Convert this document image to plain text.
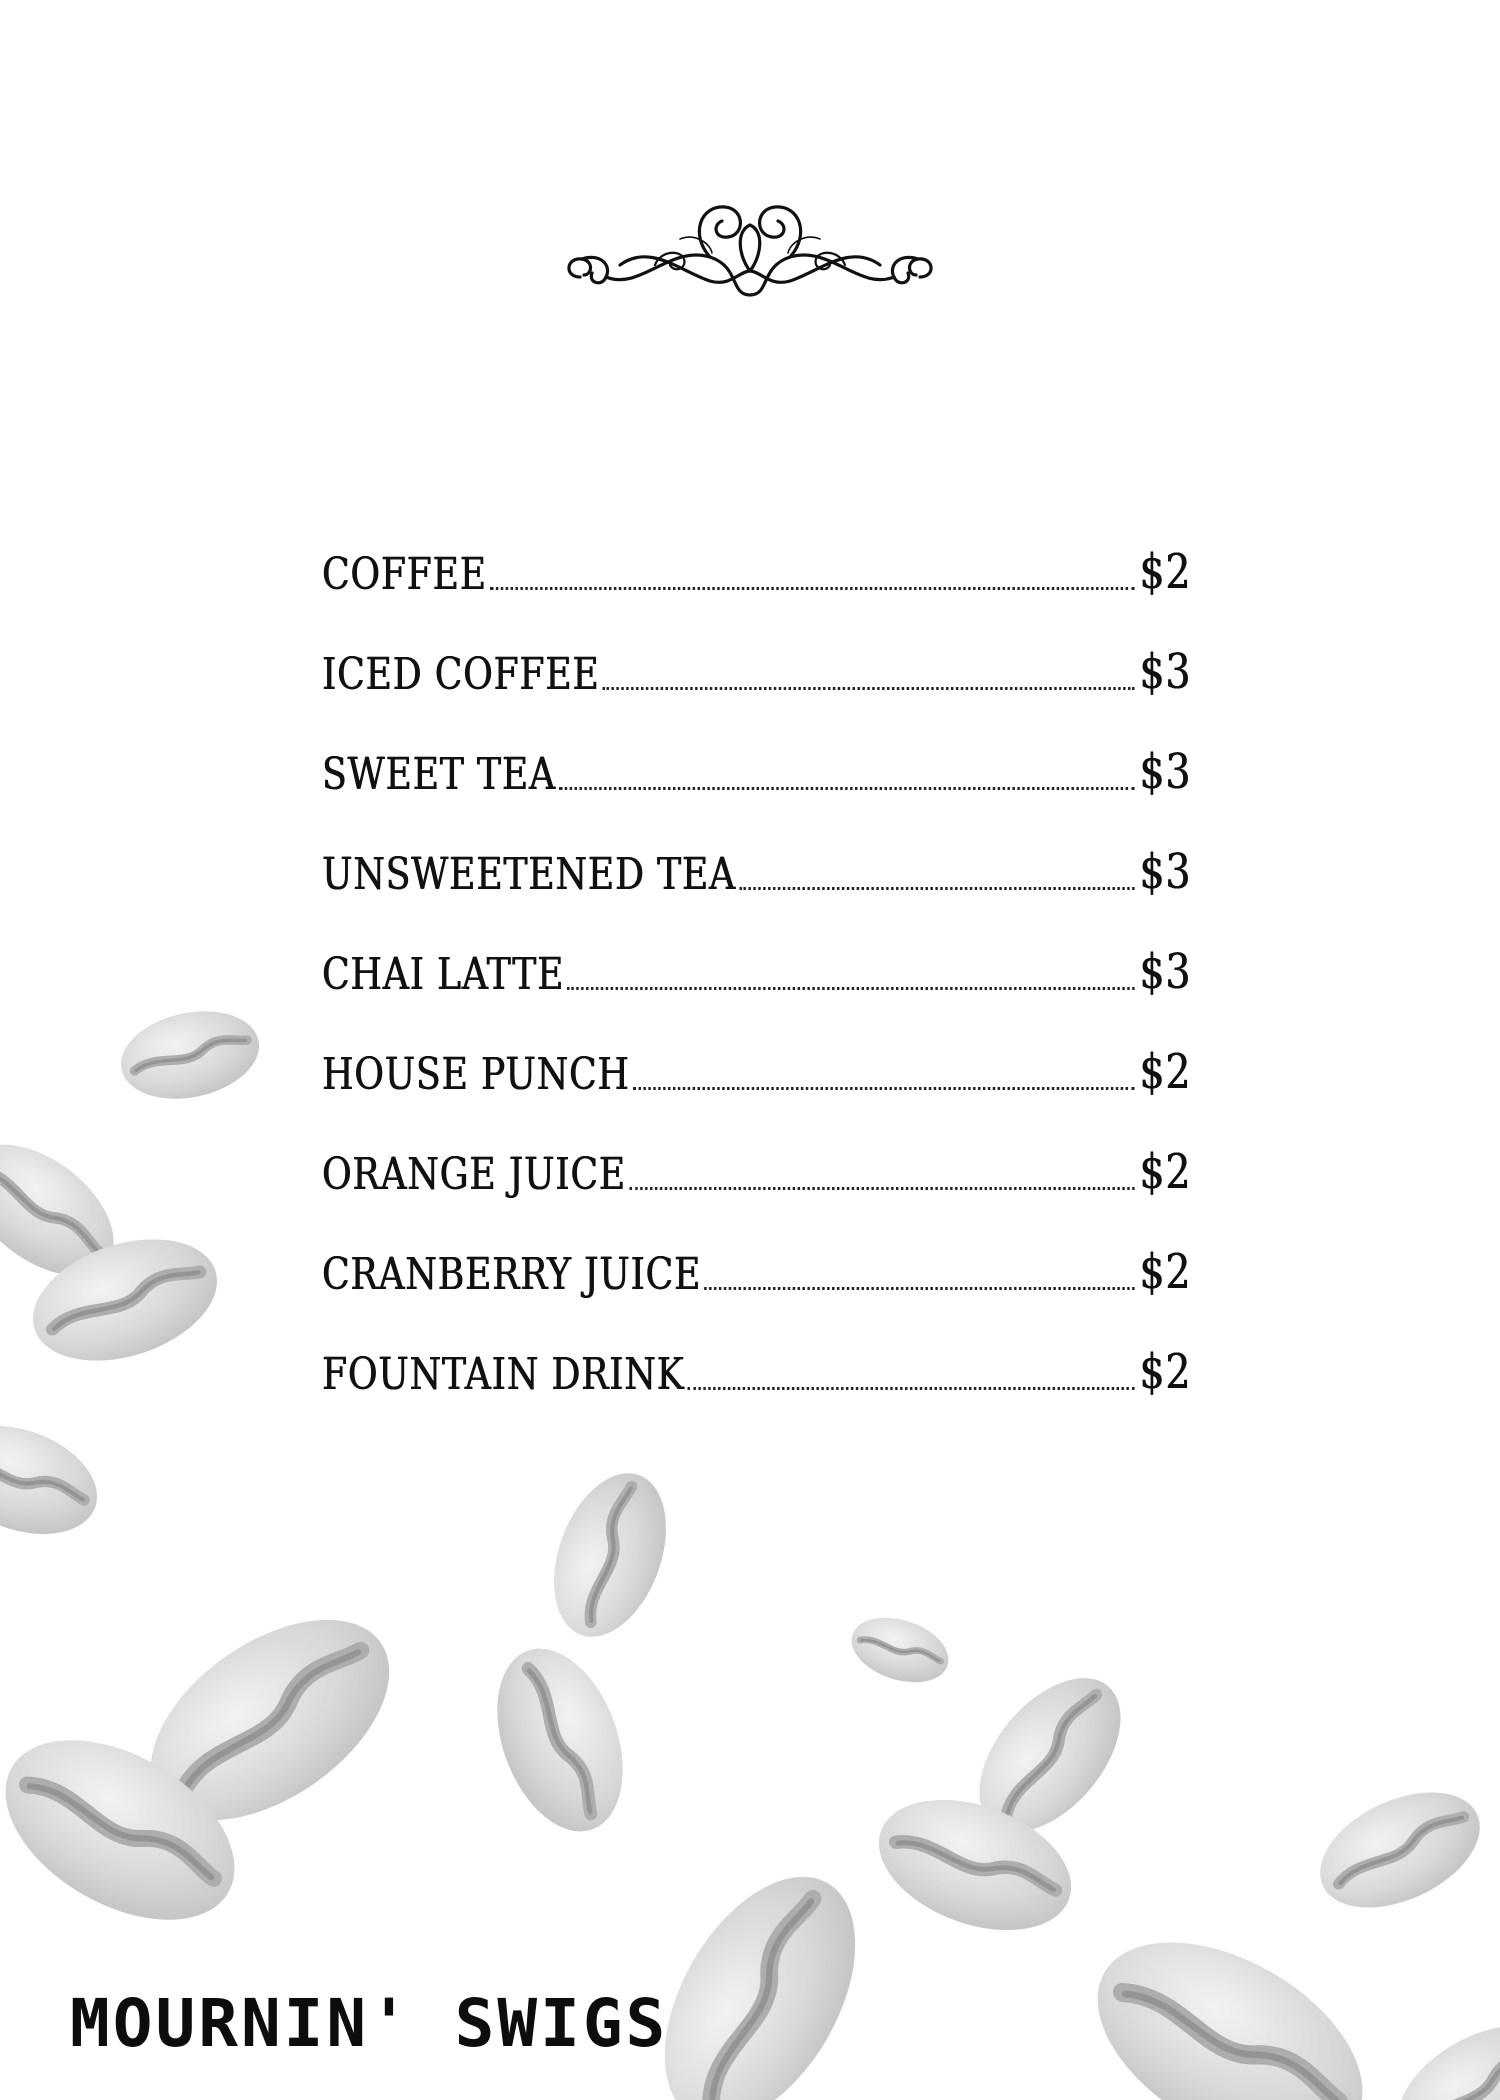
COFFEE	$2
ICED COFFEE	$3
SWEET TEA	$3
UNSWEETENED TEA	$3
CHAI LATTE	$3
HOUSE PUNCH	$2
ORANGE JUICE	$2
CRANBERRY JUICE	$2
FOUNTAIN DRINK	$2
MOURNIN' SWIGS
